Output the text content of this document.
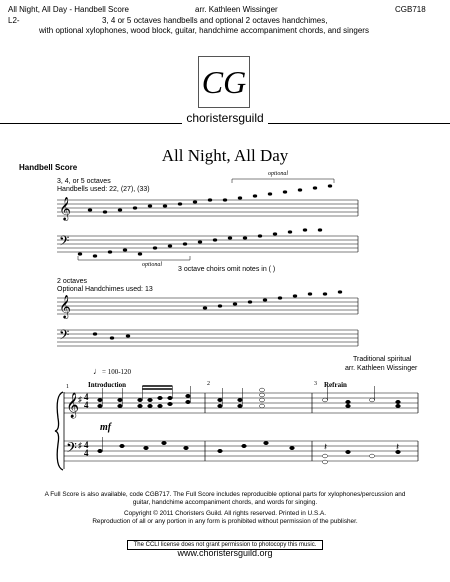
All Night, All Day - Handbell Score	arr. Kathleen Wissinger	CGB718
L2-	3, 4 or 5 octaves handbells and optional 2 octaves handchimes,
with optional xylophones, wood block, guitar, handchime accompaniment chords, and singers
CG
choristersguild
Handbell Score
All Night, All Day
3, 4, or 5 octaves
Handbells used: 22, (27), (33)
optional
optional
3 octave choirs omit notes in ( )
2 octaves
Optional Handchimes used: 13
𝄞
𝄢
𝄞
𝄢
♩= 100-120
Traditional spiritual
arr. Kathleen Wissinger
Introduction	Refrain
1	2	3
mf
4
4
4
4
𝄞
𝄢
♯
♯	𝄽	𝄽
A Full Score is also available, code CGB717. The Full Score includes reproducible optional parts for xylophones/percussion and
guitar, handchime accompaniment chords, and words for singing.
Copyright © 2011 Choristers Guild. All rights reserved. Printed in U.S.A.
Reproduction of all or any portion in any form is prohibited without permission of the publisher.
The CCLI license does not grant permission to photocopy this music.
www.choristersguild.org
